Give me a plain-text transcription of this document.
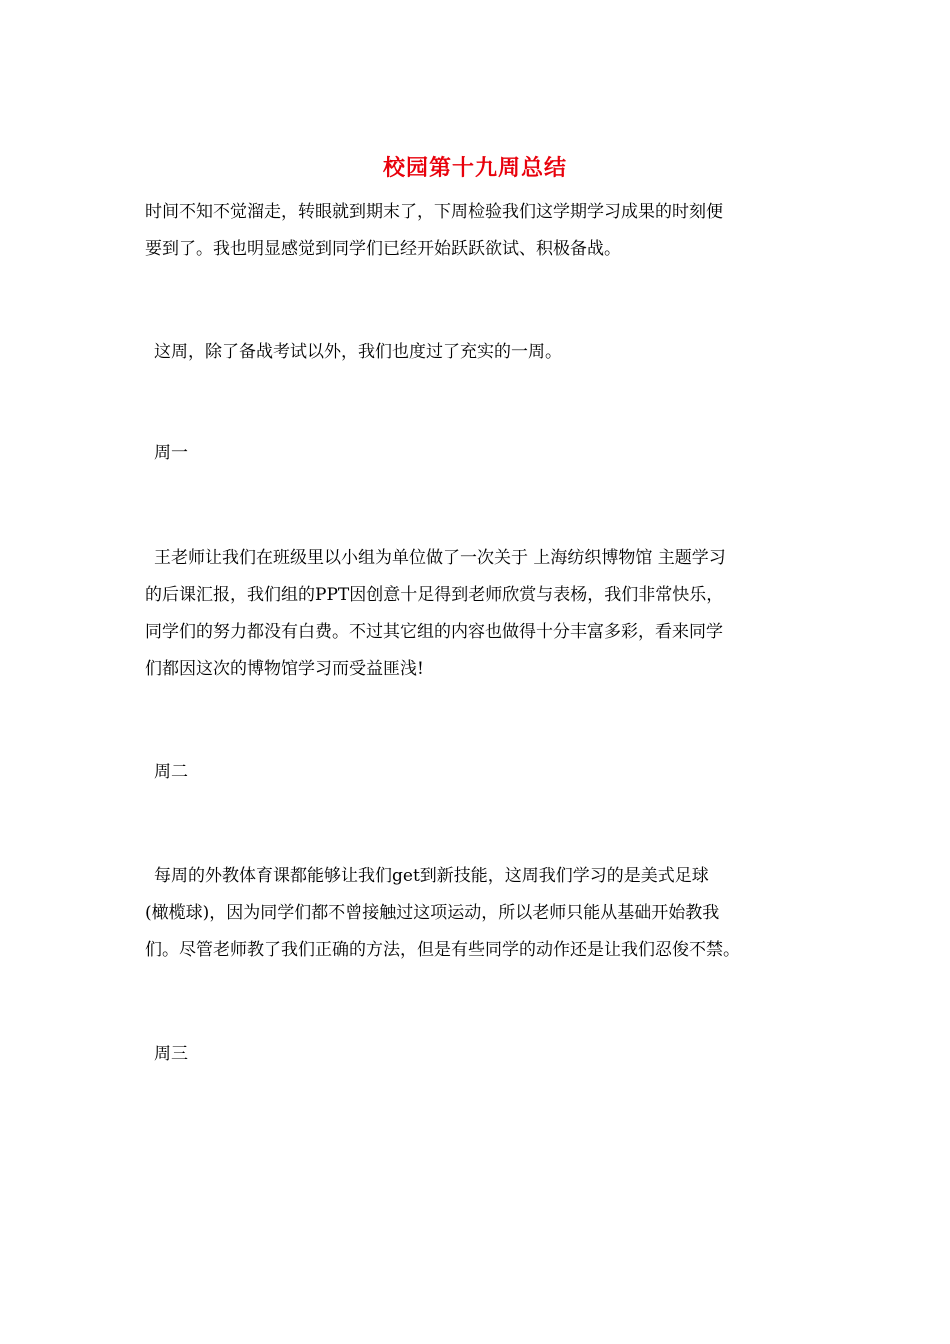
校园第十九周总结
时间不知不觉溜走，转眼就到期末了，下周检验我们这学期学习成果的时刻便
要到了。我也明显感觉到同学们已经开始跃跃欲试、积极备战。
这周，除了备战考试以外，我们也度过了充实的一周。
周一
王老师让我们在班级里以小组为单位做了一次关于 上海纺织博物馆 主题学习
的后课汇报，我们组的PPT因创意十足得到老师欣赏与表杨，我们非常快乐，
同学们的努力都没有白费。不过其它组的内容也做得十分丰富多彩，看来同学
们都因这次的博物馆学习而受益匪浅!
周二
每周的外教体育课都能够让我们get到新技能，这周我们学习的是美式足球
(橄榄球)，因为同学们都不曾接触过这项运动，所以老师只能从基础开始教我
们。尽管老师教了我们正确的方法，但是有些同学的动作还是让我们忍俊不禁。
周三
